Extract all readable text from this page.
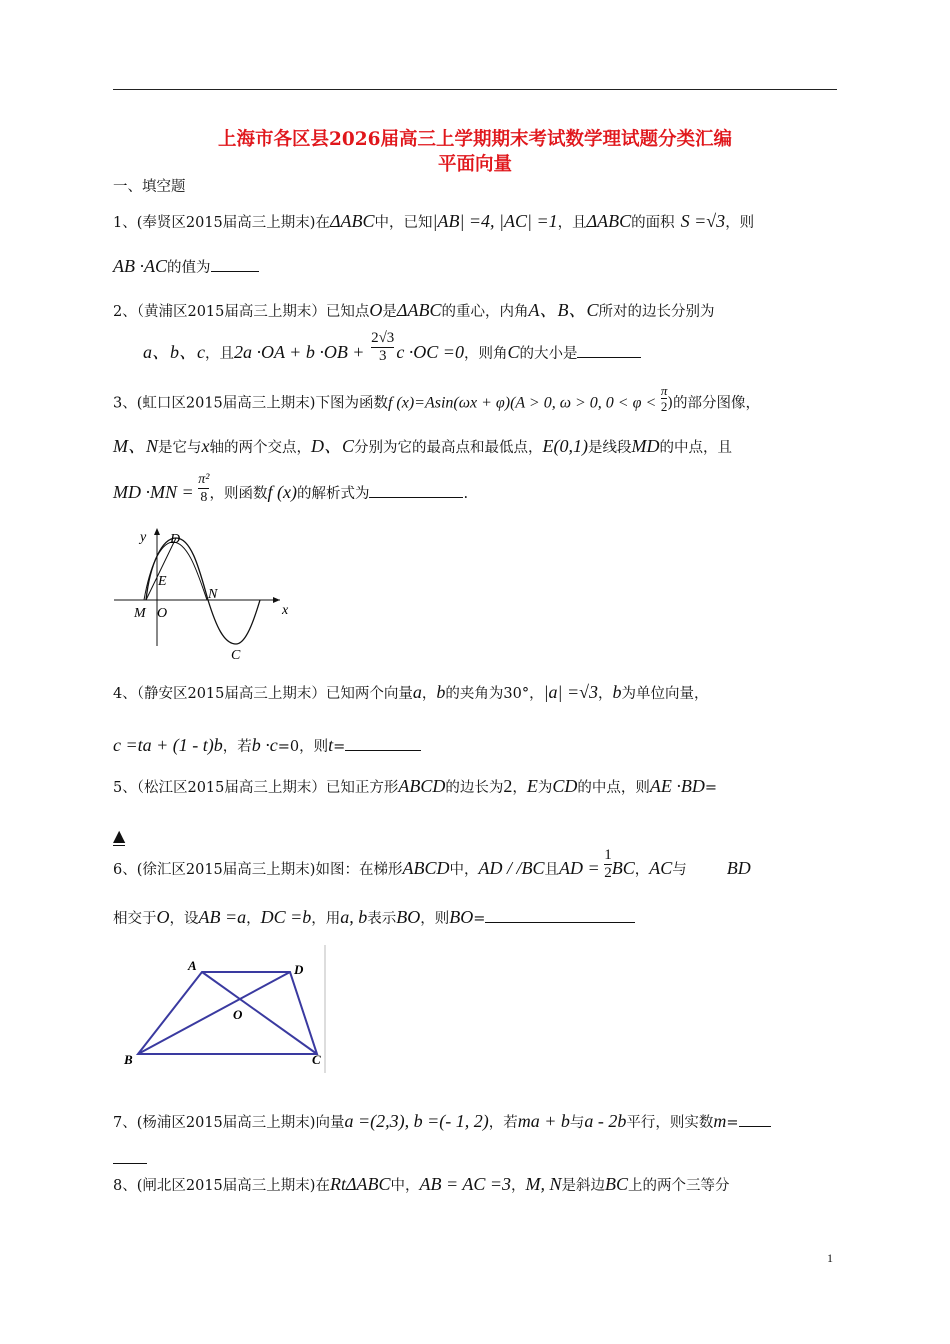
上海市各区县2026届高三上学期期末考试数学理试题分类汇编
平面向量
一、填空题
1、(奉贤区2015届高三上期末)在ΔABC中，已知|AB| =4, |AC| =1，且ΔABC的面积 S =√3，则
AB ·AC的值为
2、（黄浦区2015届高三上期末）已知点O是ΔABC的重心，内角A、B、C所对的边长分别为
a、b、c，且$2a \cdot OA + b \cdot OB + \frac{2√3}{3}$ c ·OC =0，则角C的大小是
3、(虹口区2015届高三上期末)下图为函数f (x)=Asin(ωx + φ)(A > 0, ω > 0, $0 < \varphi < \frac{\pi}{2}$ )的部分图像，
M、N是它与x轴的两个交点，D、C分别为它的最高点和最低点，E(0,1)是线段MD的中点，且
MD $\cdot MN = \frac{\text{π²}}{8}$ ，则函数f (x)的解析式为	.
y
x
D
E
N
M O
C
4、（静安区2015届高三上期末）已知两个向量a，b的夹角为30°，|a| =√3，b为单位向量，
c =ta + (1 - t)b，若b ·c=0，则t=
5、（松江区2015届高三上期末）已知正方形ABCD的边长为2，E为CD的中点，则AE ·BD=
▲
6、(徐汇区2015届高三上期末)如图：在梯形ABCD中，AD / /BC且AD = $\frac{1}{2}$ BC，AC与 BD
相交于O，设AB =a，DC =b，用a, b表示BO，则BO=
A	D
O
B	C
7、(杨浦区2015届高三上期末)向量a =(2,3), b =(- 1, 2)，若ma + b与a - 2b平行，则实数m=
8、(闸北区2015届高三上期末)在RtΔABC中，AB = AC =3，M, N是斜边BC上的两个三等分
1
